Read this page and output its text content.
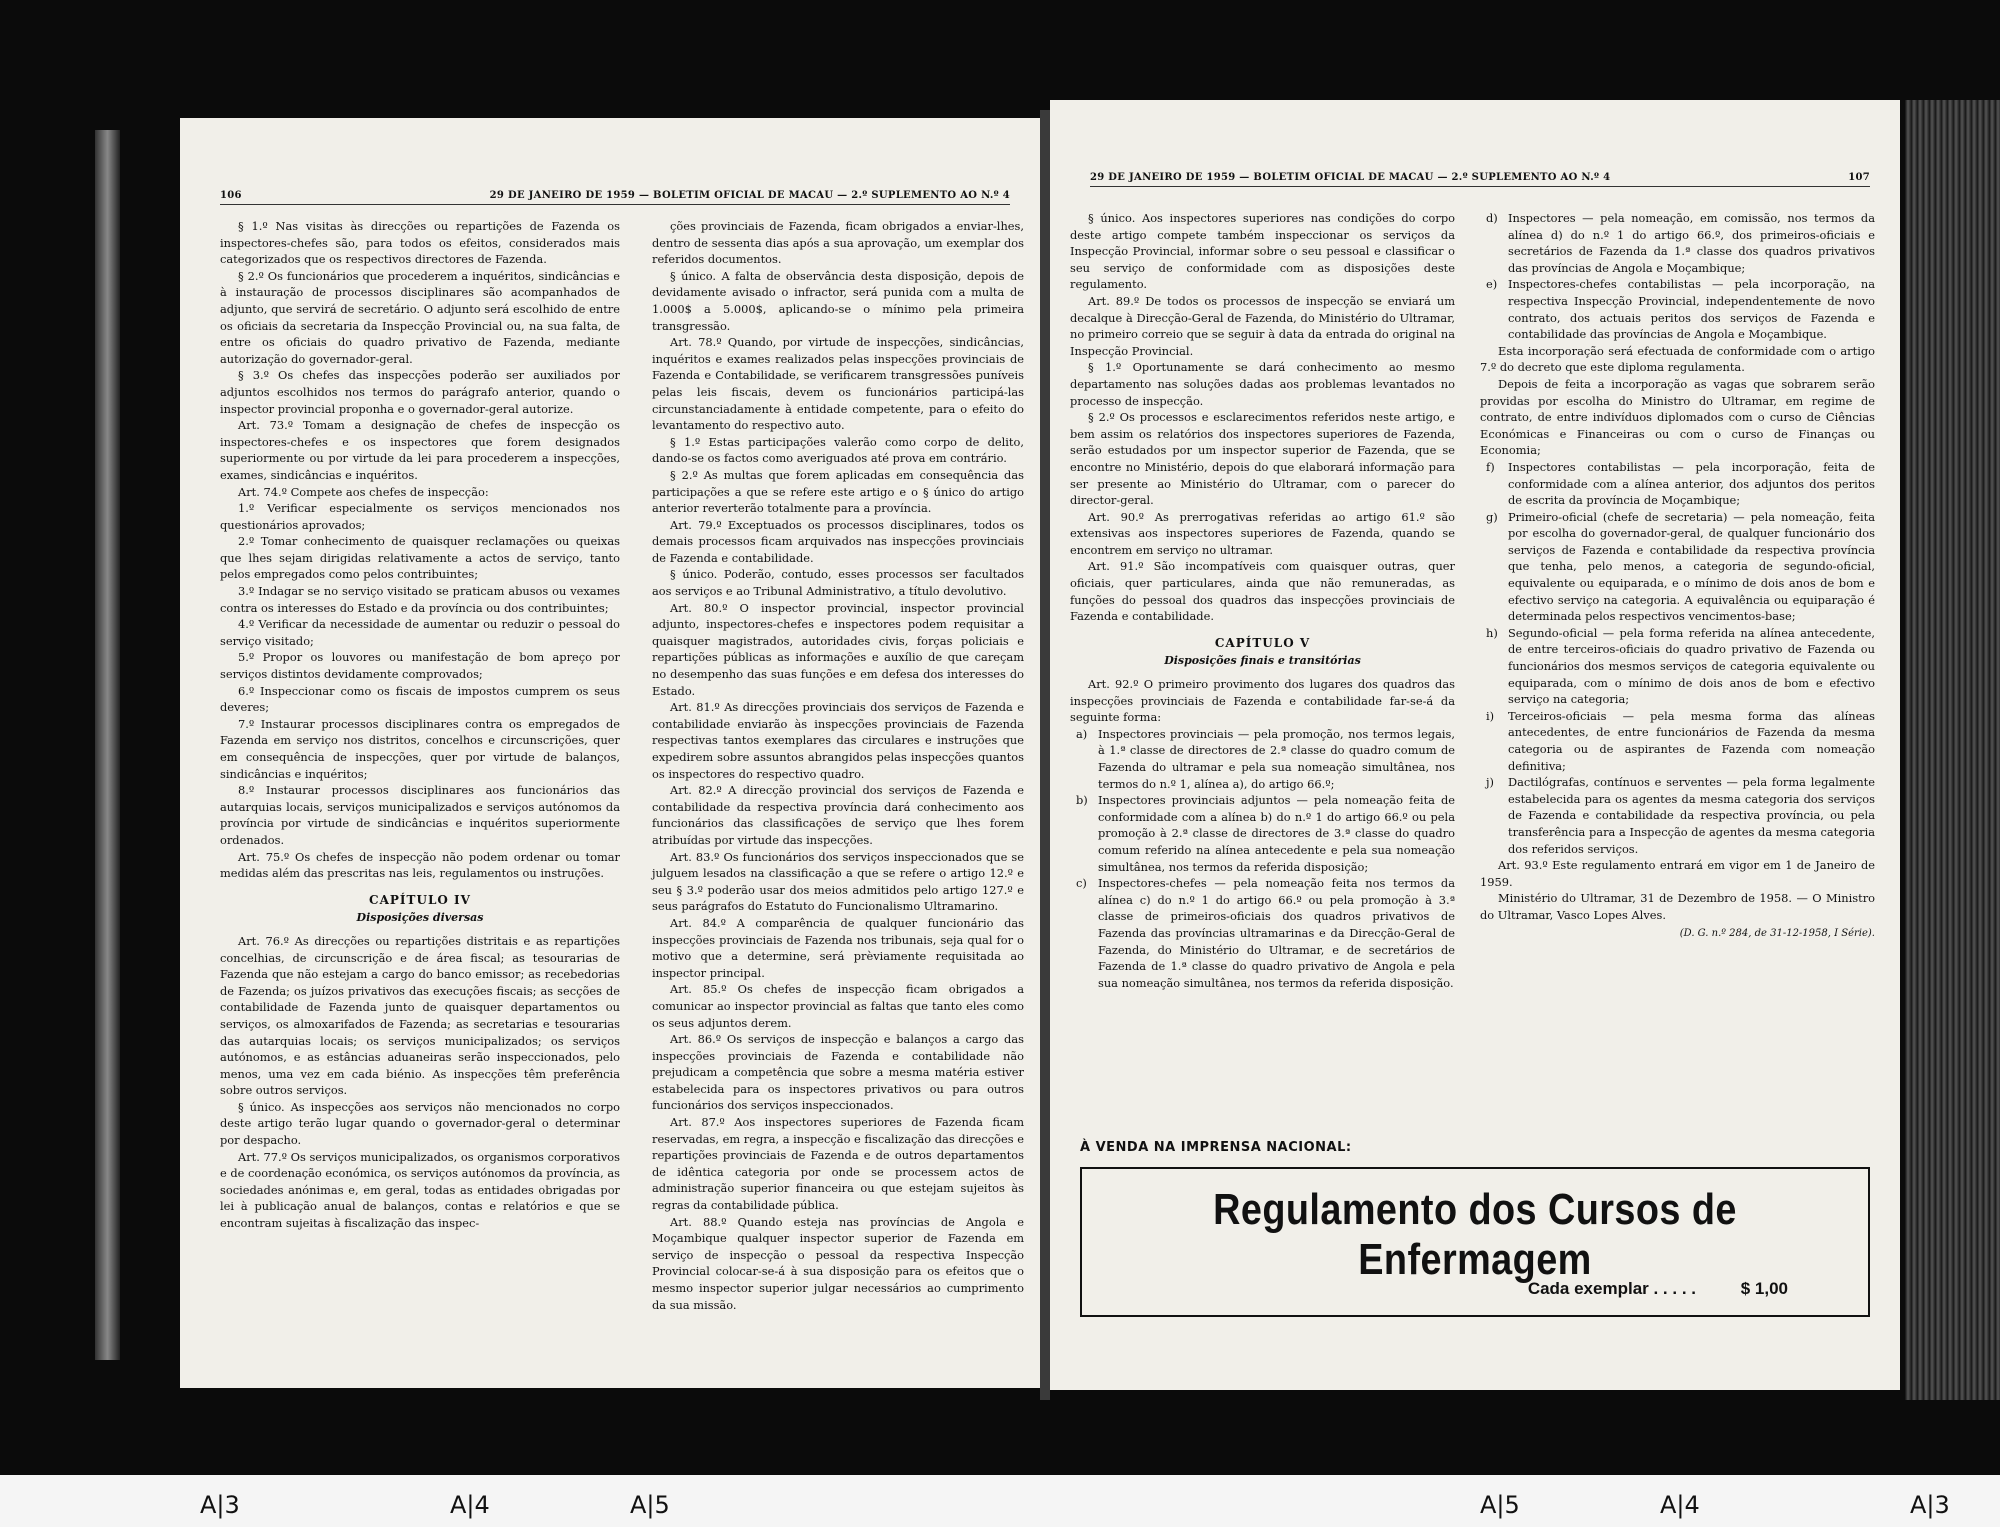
106	29 DE JANEIRO DE 1959 — BOLETIM OFICIAL DE MACAU — 2.º SUPLEMENTO AO N.º 4

§ 1.º Nas visitas às direcções ou repartições de Fazenda os inspectores-chefes são, para todos os efeitos, considerados mais categorizados que os respectivos directores de Fazenda.

§ 2.º Os funcionários que procederem a inquéritos, sindicâncias e à instauração de processos disciplinares são acompanhados de adjunto, que servirá de secretário. O adjunto será escolhido de entre os oficiais da secretaria da Inspecção Provincial ou, na sua falta, de entre os oficiais do quadro privativo de Fazenda, mediante autorização do governador-geral.

§ 3.º Os chefes das inspecções poderão ser auxiliados por adjuntos escolhidos nos termos do parágrafo anterior, quando o inspector provincial proponha e o governador-geral autorize.

Art. 73.º Tomam a designação de chefes de inspecção os inspectores-chefes e os inspectores que forem designados superiormente ou por virtude da lei para procederem a inspecções, exames, sindicâncias e inquéritos.

Art. 74.º Compete aos chefes de inspecção:

1.º Verificar especialmente os serviços mencionados nos questionários aprovados;

2.º Tomar conhecimento de quaisquer reclamações ou queixas que lhes sejam dirigidas relativamente a actos de serviço, tanto pelos empregados como pelos contribuintes;

3.º Indagar se no serviço visitado se praticam abusos ou vexames contra os interesses do Estado e da província ou dos contribuintes;

4.º Verificar da necessidade de aumentar ou reduzir o pessoal do serviço visitado;

5.º Propor os louvores ou manifestação de bom apreço por serviços distintos devidamente comprovados;

6.º Inspeccionar como os fiscais de impostos cumprem os seus deveres;

7.º Instaurar processos disciplinares contra os empregados de Fazenda em serviço nos distritos, concelhos e circunscrições, quer em consequência de inspecções, quer por virtude de balanços, sindicâncias e inquéritos;

8.º Instaurar processos disciplinares aos funcionários das autarquias locais, serviços municipalizados e serviços autónomos da província por virtude de sindicâncias e inquéritos superiormente ordenados.

Art. 75.º Os chefes de inspecção não podem ordenar ou tomar medidas além das prescritas nas leis, regulamentos ou instruções.

CAPÍTULO IV
Disposições diversas

Art. 76.º As direcções ou repartições distritais e as repartições concelhias, de circunscrição e de área fiscal; as tesourarias de Fazenda que não estejam a cargo do banco emissor; as recebedorias de Fazenda; os juízos privativos das execuções fiscais; as secções de contabilidade de Fazenda junto de quaisquer departamentos ou serviços, os almoxarifados de Fazenda; as secretarias e tesourarias das autarquias locais; os serviços municipalizados; os serviços autónomos, e as estâncias aduaneiras serão inspeccionados, pelo menos, uma vez em cada biénio. As inspecções têm preferência sobre outros serviços.

§ único. As inspecções aos serviços não mencionados no corpo deste artigo terão lugar quando o governador-geral o determinar por despacho.

Art. 77.º Os serviços municipalizados, os organismos corporativos e de coordenação económica, os serviços autónomos da província, as sociedades anónimas e, em geral, todas as entidades obrigadas por lei à publicação anual de balanços, contas e relatórios e que se encontram sujeitas à fiscalização das inspec-

ções provinciais de Fazenda, ficam obrigados a enviar-lhes, dentro de sessenta dias após a sua aprovação, um exemplar dos referidos documentos.

§ único. A falta de observância desta disposição, depois de devidamente avisado o infractor, será punida com a multa de 1.000$ a 5.000$, aplicando-se o mínimo pela primeira transgressão.

Art. 78.º Quando, por virtude de inspecções, sindicâncias, inquéritos e exames realizados pelas inspecções provinciais de Fazenda e Contabilidade, se verificarem transgressões puníveis pelas leis fiscais, devem os funcionários participá-las circunstanciadamente à entidade competente, para o efeito do levantamento do respectivo auto.

§ 1.º Estas participações valerão como corpo de delito, dando-se os factos como averiguados até prova em contrário.

§ 2.º As multas que forem aplicadas em consequência das participações a que se refere este artigo e o § único do artigo anterior reverterão totalmente para a província.

Art. 79.º Exceptuados os processos disciplinares, todos os demais processos ficam arquivados nas inspecções provinciais de Fazenda e contabilidade.

§ único. Poderão, contudo, esses processos ser facultados aos serviços e ao Tribunal Administrativo, a título devolutivo.

Art. 80.º O inspector provincial, inspector provincial adjunto, inspectores-chefes e inspectores podem requisitar a quaisquer magistrados, autoridades civis, forças policiais e repartições públicas as informações e auxílio de que careçam no desempenho das suas funções e em defesa dos interesses do Estado.

Art. 81.º As direcções provinciais dos serviços de Fazenda e contabilidade enviarão às inspecções provinciais de Fazenda respectivas tantos exemplares das circulares e instruções que expedirem sobre assuntos abrangidos pelas inspecções quantos os inspectores do respectivo quadro.

Art. 82.º A direcção provincial dos serviços de Fazenda e contabilidade da respectiva província dará conhecimento aos funcionários das classificações de serviço que lhes forem atribuídas por virtude das inspecções.

Art. 83.º Os funcionários dos serviços inspeccionados que se julguem lesados na classificação a que se refere o artigo 12.º e seu § 3.º poderão usar dos meios admitidos pelo artigo 127.º e seus parágrafos do Estatuto do Funcionalismo Ultramarino.

Art. 84.º A comparência de qualquer funcionário das inspecções provinciais de Fazenda nos tribunais, seja qual for o motivo que a determine, será prèviamente requisitada ao inspector principal.

Art. 85.º Os chefes de inspecção ficam obrigados a comunicar ao inspector provincial as faltas que tanto eles como os seus adjuntos derem.

Art. 86.º Os serviços de inspecção e balanços a cargo das inspecções provinciais de Fazenda e contabilidade não prejudicam a competência que sobre a mesma matéria estiver estabelecida para os inspectores privativos ou para outros funcionários dos serviços inspeccionados.

Art. 87.º Aos inspectores superiores de Fazenda ficam reservadas, em regra, a inspecção e fiscalização das direcções e repartições provinciais de Fazenda e de outros departamentos de idêntica categoria por onde se processem actos de administração superior financeira ou que estejam sujeitos às regras da contabilidade pública.

Art. 88.º Quando esteja nas províncias de Angola e Moçambique qualquer inspector superior de Fazenda em serviço de inspecção o pessoal da respectiva Inspecção Provincial colocar-se-á à sua disposição para os efeitos que o mesmo inspector superior julgar necessários ao cumprimento da sua missão.

29 DE JANEIRO DE 1959 — BOLETIM OFICIAL DE MACAU — 2.º SUPLEMENTO AO N.º 4	107

§ único. Aos inspectores superiores nas condições do corpo deste artigo compete também inspeccionar os serviços da Inspecção Provincial, informar sobre o seu pessoal e classificar o seu serviço de conformidade com as disposições deste regulamento.

Art. 89.º De todos os processos de inspecção se enviará um decalque à Direcção-Geral de Fazenda, do Ministério do Ultramar, no primeiro correio que se seguir à data da entrada do original na Inspecção Provincial.

§ 1.º Oportunamente se dará conhecimento ao mesmo departamento nas soluções dadas aos problemas levantados no processo de inspecção.

§ 2.º Os processos e esclarecimentos referidos neste artigo, e bem assim os relatórios dos inspectores superiores de Fazenda, serão estudados por um inspector superior de Fazenda, que se encontre no Ministério, depois do que elaborará informação para ser presente ao Ministério do Ultramar, com o parecer do director-geral.

Art. 90.º As prerrogativas referidas ao artigo 61.º são extensivas aos inspectores superiores de Fazenda, quando se encontrem em serviço no ultramar.

Art. 91.º São incompatíveis com quaisquer outras, quer oficiais, quer particulares, ainda que não remuneradas, as funções do pessoal dos quadros das inspecções provinciais de Fazenda e contabilidade.

CAPÍTULO V
Disposições finais e transitórias

Art. 92.º O primeiro provimento dos lugares dos quadros das inspecções provinciais de Fazenda e contabilidade far-se-á da seguinte forma:

a) Inspectores provinciais — pela promoção, nos termos legais, à 1.ª classe de directores de 2.ª classe do quadro comum de Fazenda do ultramar e pela sua nomeação simultânea, nos termos do n.º 1, alínea a), do artigo 66.º;

b) Inspectores provinciais adjuntos — pela nomeação feita de conformidade com a alínea b) do n.º 1 do artigo 66.º ou pela promoção à 2.ª classe de directores de 3.ª classe do quadro comum referido na alínea antecedente e pela sua nomeação simultânea, nos termos da referida disposição;

c) Inspectores-chefes — pela nomeação feita nos termos da alínea c) do n.º 1 do artigo 66.º ou pela promoção à 3.ª classe de primeiros-oficiais dos quadros privativos de Fazenda das províncias ultramarinas e da Direcção-Geral de Fazenda, do Ministério do Ultramar, e de secretários de Fazenda de 1.ª classe do quadro privativo de Angola e pela sua nomeação simultânea, nos termos da referida disposição.

d) Inspectores — pela nomeação, em comissão, nos termos da alínea d) do n.º 1 do artigo 66.º, dos primeiros-oficiais e secretários de Fazenda da 1.ª classe dos quadros privativos das províncias de Angola e Moçambique;

e) Inspectores-chefes contabilistas — pela incorporação, na respectiva Inspecção Provincial, independentemente de novo contrato, dos actuais peritos dos serviços de Fazenda e contabilidade das províncias de Angola e Moçambique.

Esta incorporação será efectuada de conformidade com o artigo 7.º do decreto que este diploma regulamenta.

Depois de feita a incorporação as vagas que sobrarem serão providas por escolha do Ministro do Ultramar, em regime de contrato, de entre indivíduos diplomados com o curso de Ciências Económicas e Financeiras ou com o curso de Finanças ou Economia;

f) Inspectores contabilistas — pela incorporação, feita de conformidade com a alínea anterior, dos adjuntos dos peritos de escrita da província de Moçambique;

g) Primeiro-oficial (chefe de secretaria) — pela nomeação, feita por escolha do governador-geral, de qualquer funcionário dos serviços de Fazenda e contabilidade da respectiva província que tenha, pelo menos, a categoria de segundo-oficial, equivalente ou equiparada, e o mínimo de dois anos de bom e efectivo serviço na categoria. A equivalência ou equiparação é determinada pelos respectivos vencimentos-base;

h) Segundo-oficial — pela forma referida na alínea antecedente, de entre terceiros-oficiais do quadro privativo de Fazenda ou funcionários dos mesmos serviços de categoria equivalente ou equiparada, com o mínimo de dois anos de bom e efectivo serviço na categoria;

i) Terceiros-oficiais — pela mesma forma das alíneas antecedentes, de entre funcionários de Fazenda da mesma categoria ou de aspirantes de Fazenda com nomeação definitiva;

j) Dactilógrafas, contínuos e serventes — pela forma legalmente estabelecida para os agentes da mesma categoria dos serviços de Fazenda e contabilidade da respectiva província, ou pela transferência para a Inspecção de agentes da mesma categoria dos referidos serviços.

Art. 93.º Este regulamento entrará em vigor em 1 de Janeiro de 1959.

Ministério do Ultramar, 31 de Dezembro de 1958. — O Ministro do Ultramar, Vasco Lopes Alves.

(D. G. n.º 284, de 31-12-1958, I Série).
À VENDA NA IMPRENSA NACIONAL:
Regulamento dos Cursos de Enfermagem
Cada exemplar . . . . .	$ 1,00
A|3	A|4	A|5	A|5	A|4	A|3
